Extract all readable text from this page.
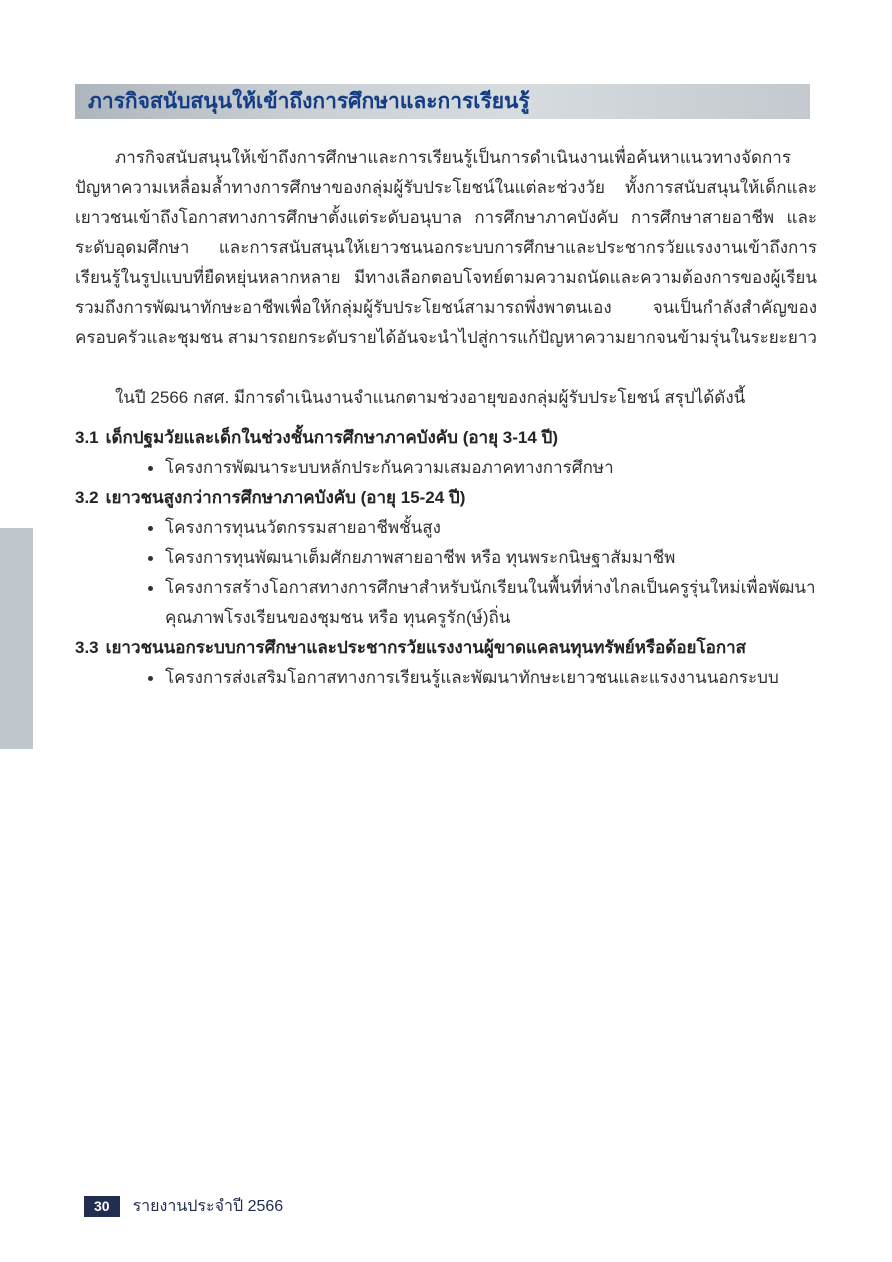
ภารกิจสนับสนุนให้เข้าถึงการศึกษาและการเรียนรู้

ภารกิจสนับสนุนให้เข้าถึงการศึกษาและการเรียนรู้เป็นการดำเนินงานเพื่อค้นหาแนวทางจัดการปัญหาความเหลื่อมล้ำทางการศึกษาของกลุ่มผู้รับประโยชน์ในแต่ละช่วงวัย ทั้งการสนับสนุนให้เด็กและเยาวชนเข้าถึงโอกาสทางการศึกษาตั้งแต่ระดับอนุบาล การศึกษาภาคบังคับ การศึกษาสายอาชีพ และระดับอุดมศึกษา และการสนับสนุนให้เยาวชนนอกระบบการศึกษาและประชากรวัยแรงงานเข้าถึงการเรียนรู้ในรูปแบบที่ยืดหยุ่นหลากหลาย มีทางเลือกตอบโจทย์ตามความถนัดและความต้องการของผู้เรียน รวมถึงการพัฒนาทักษะอาชีพเพื่อให้กลุ่มผู้รับประโยชน์สามารถพึ่งพาตนเอง จนเป็นกำลังสำคัญของครอบครัวและชุมชน สามารถยกระดับรายได้อันจะนำไปสู่การแก้ปัญหาความยากจนข้ามรุ่นในระยะยาว

ในปี 2566 กสศ. มีการดำเนินงานจำแนกตามช่วงอายุของกลุ่มผู้รับประโยชน์ สรุปได้ดังนี้

3.1 เด็กปฐมวัยและเด็กในช่วงชั้นการศึกษาภาคบังคับ (อายุ 3-14 ปี)

โครงการพัฒนาระบบหลักประกันความเสมอภาคทางการศึกษา

3.2 เยาวชนสูงกว่าการศึกษาภาคบังคับ (อายุ 15-24 ปี)

โครงการทุนนวัตกรรมสายอาชีพชั้นสูง
โครงการทุนพัฒนาเต็มศักยภาพสายอาชีพ หรือ ทุนพระกนิษฐาสัมมาชีพ
โครงการสร้างโอกาสทางการศึกษาสำหรับนักเรียนในพื้นที่ห่างไกลเป็นครูรุ่นใหม่เพื่อพัฒนาคุณภาพโรงเรียนของชุมชน หรือ ทุนครูรัก(ษ์)ถิ่น

3.3 เยาวชนนอกระบบการศึกษาและประชากรวัยแรงงานผู้ขาดแคลนทุนทรัพย์หรือด้อยโอกาส

โครงการส่งเสริมโอกาสทางการเรียนรู้และพัฒนาทักษะเยาวชนและแรงงานนอกระบบ
30	รายงานประจำปี 2566
